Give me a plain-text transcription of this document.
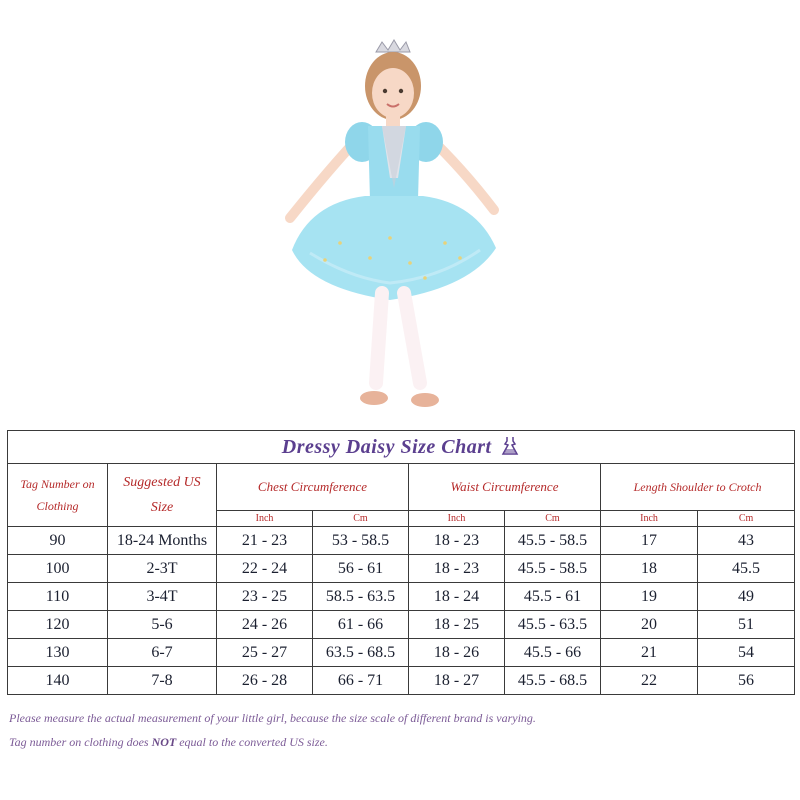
Dressy Daisy Size Chart							
Tag Number on Clothing	Suggested US Size	Chest Circumference		Waist Circumference		Length Shoulder to Crotch	
		Inch	Cm	Inch	Cm	Inch	Cm
90	18-24 Months	21 - 23	53 - 58.5	18 - 23	45.5 - 58.5	17	43
100	2-3T	22 - 24	56 - 61	18 - 23	45.5 - 58.5	18	45.5
110	3-4T	23 - 25	58.5 - 63.5	18 - 24	45.5 - 61	19	49
120	5-6	24 - 26	61 - 66	18 - 25	45.5 - 63.5	20	51
130	6-7	25 - 27	63.5 - 68.5	18 - 26	45.5 - 66	21	54
140	7-8	26 - 28	66 - 71	18 - 27	45.5 - 68.5	22	56
Please measure the actual measurement of your little girl, because the size scale of different brand is varying.
Tag number on clothing does NOT equal to the converted US size.
